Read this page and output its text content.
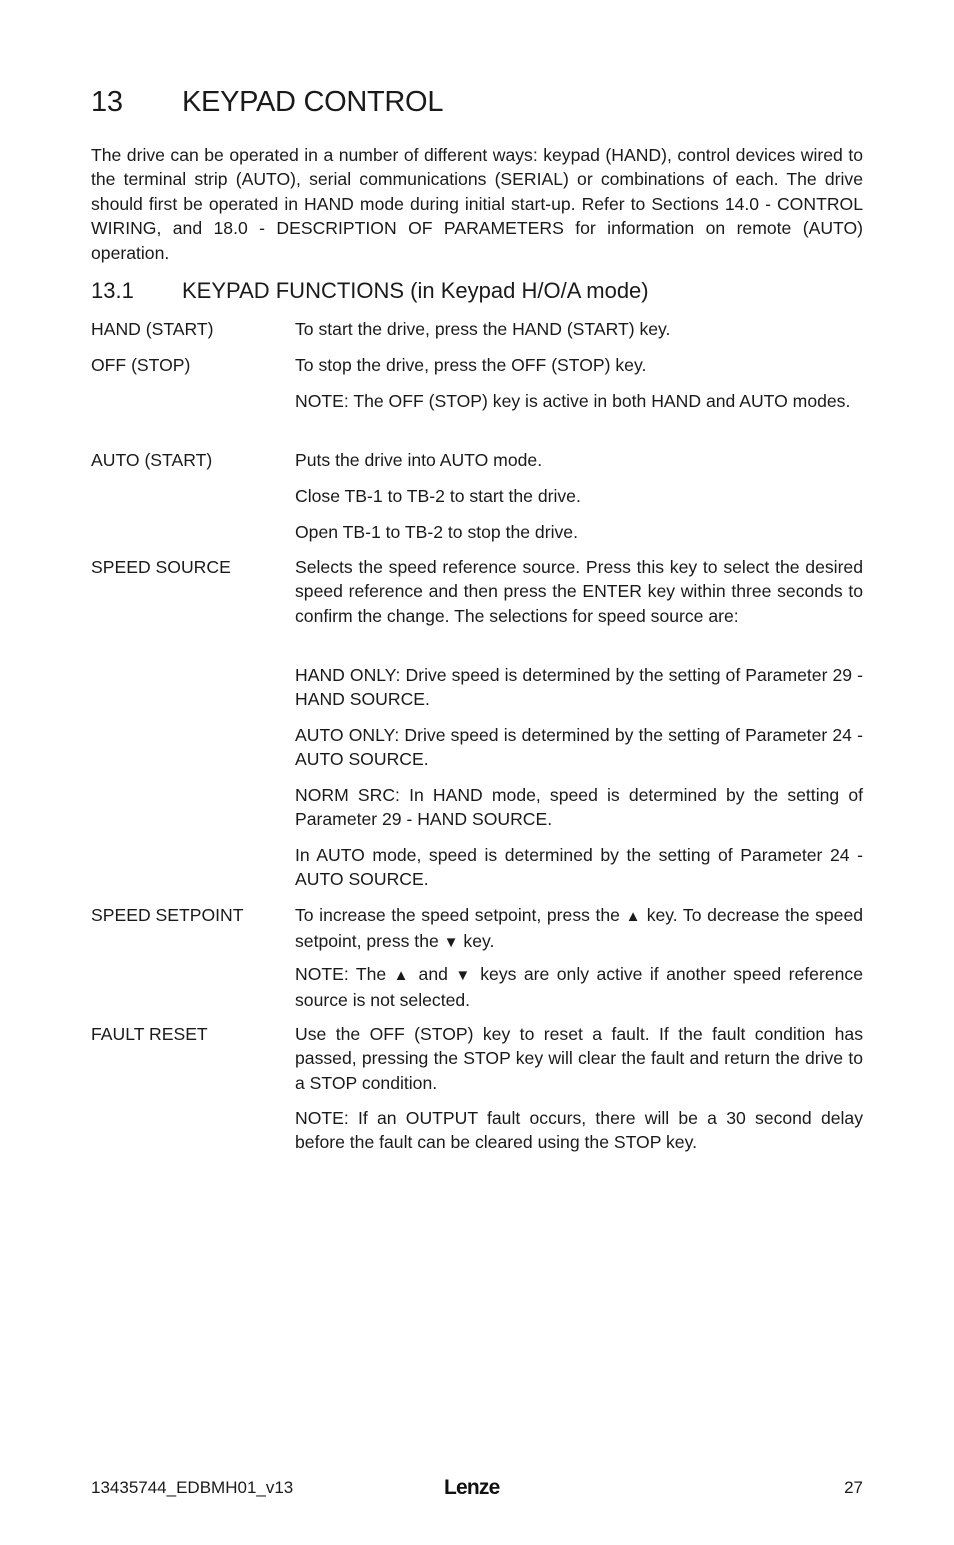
13 KEYPAD CONTROL

The drive can be operated in a number of different ways: keypad (HAND), control devices wired to the terminal strip (AUTO), serial communications (SERIAL) or combinations of each. The drive should first be operated in HAND mode during initial start-up. Refer to Sections 14.0 - CONTROL WIRING, and 18.0 - DESCRIPTION OF PARAMETERS for information on remote (AUTO) operation.

13.1 KEYPAD FUNCTIONS (in Keypad H/O/A mode)
HAND (START)	To start the drive, press the HAND (START) key.

OFF (STOP)	To stop the drive, press the OFF (STOP) key.

NOTE: The OFF (STOP) key is active in both HAND and AUTO modes.

AUTO (START)	Puts the drive into AUTO mode.

Close TB-1 to TB-2 to start the drive.

Open TB-1 to TB-2 to stop the drive.

SPEED SOURCE	Selects the speed reference source. Press this key to select the desired speed reference and then press the ENTER key within three seconds to confirm the change. The selections for speed source are:

HAND ONLY: Drive speed is determined by the setting of Parameter 29 - HAND SOURCE.

AUTO ONLY: Drive speed is determined by the setting of Parameter 24 - AUTO SOURCE.

NORM SRC: In HAND mode, speed is determined by the setting of Parameter 29 - HAND SOURCE.

In AUTO mode, speed is determined by the setting of Parameter 24 - AUTO SOURCE.

SPEED SETPOINT	To increase the speed setpoint, press the ▲ key. To decrease the speed setpoint, press the ▼ key.

NOTE: The ▲ and ▼ keys are only active if another speed reference source is not selected.

FAULT RESET	Use the OFF (STOP) key to reset a fault. If the fault condition has passed, pressing the STOP key will clear the fault and return the drive to a STOP condition.

NOTE: If an OUTPUT fault occurs, there will be a 30 second delay before the fault can be cleared using the STOP key.

13435744_EDBMH01_v13	Lenze	27
